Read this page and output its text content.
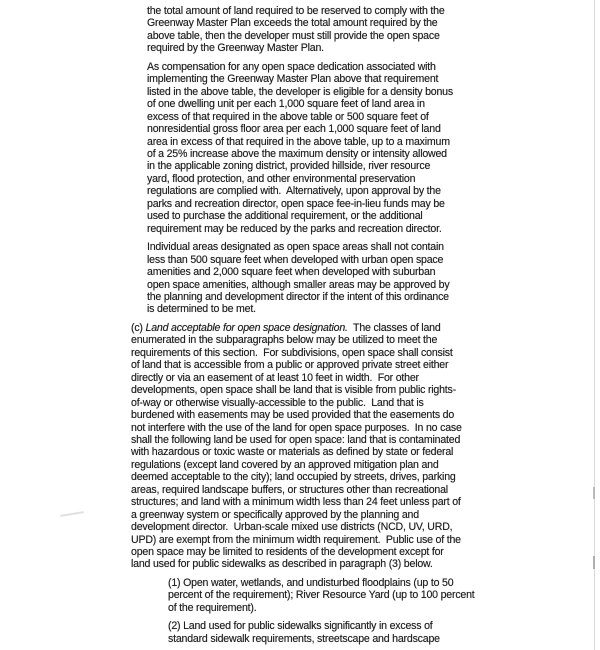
the total amount of land required to be reserved to comply with the
Greenway Master Plan exceeds the total amount required by the
above table, then the developer must still provide the open space
required by the Greenway Master Plan.
As compensation for any open space dedication associated with
implementing the Greenway Master Plan above that requirement
listed in the above table, the developer is eligible for a density bonus
of one dwelling unit per each 1,000 square feet of land area in
excess of that required in the above table or 500 square feet of
nonresidential gross floor area per each 1,000 square feet of land
area in excess of that required in the above table, up to a maximum
of a 25% increase above the maximum density or intensity allowed
in the applicable zoning district, provided hillside, river resource
yard, flood protection, and other environmental preservation
regulations are complied with.  Alternatively, upon approval by the
parks and recreation director, open space fee-in-lieu funds may be
used to purchase the additional requirement, or the additional
requirement may be reduced by the parks and recreation director.
Individual areas designated as open space areas shall not contain
less than 500 square feet when developed with urban open space
amenities and 2,000 square feet when developed with suburban
open space amenities, although smaller areas may be approved by
the planning and development director if the intent of this ordinance
is determined to be met.
(c) Land acceptable for open space designation.  The classes of land
enumerated in the subparagraphs below may be utilized to meet the
requirements of this section.  For subdivisions, open space shall consist
of land that is accessible from a public or approved private street either
directly or via an easement of at least 10 feet in width.  For other
developments, open space shall be land that is visible from public rights-
of-way or otherwise visually-accessible to the public.  Land that is
burdened with easements may be used provided that the easements do
not interfere with the use of the land for open space purposes.  In no case
shall the following land be used for open space: land that is contaminated
with hazardous or toxic waste or materials as defined by state or federal
regulations (except land covered by an approved mitigation plan and
deemed acceptable to the city); land occupied by streets, drives, parking
areas, required landscape buffers, or structures other than recreational
structures; and land with a minimum width less than 24 feet unless part of
a greenway system or specifically approved by the planning and
development director.  Urban-scale mixed use districts (NCD, UV, URD,
UPD) are exempt from the minimum width requirement.  Public use of the
open space may be limited to residents of the development except for
land used for public sidewalks as described in paragraph (3) below.
(1) Open water, wetlands, and undisturbed floodplains (up to 50
percent of the requirement); River Resource Yard (up to 100 percent
of the requirement).
(2) Land used for public sidewalks significantly in excess of
standard sidewalk requirements, streetscape and hardscape
